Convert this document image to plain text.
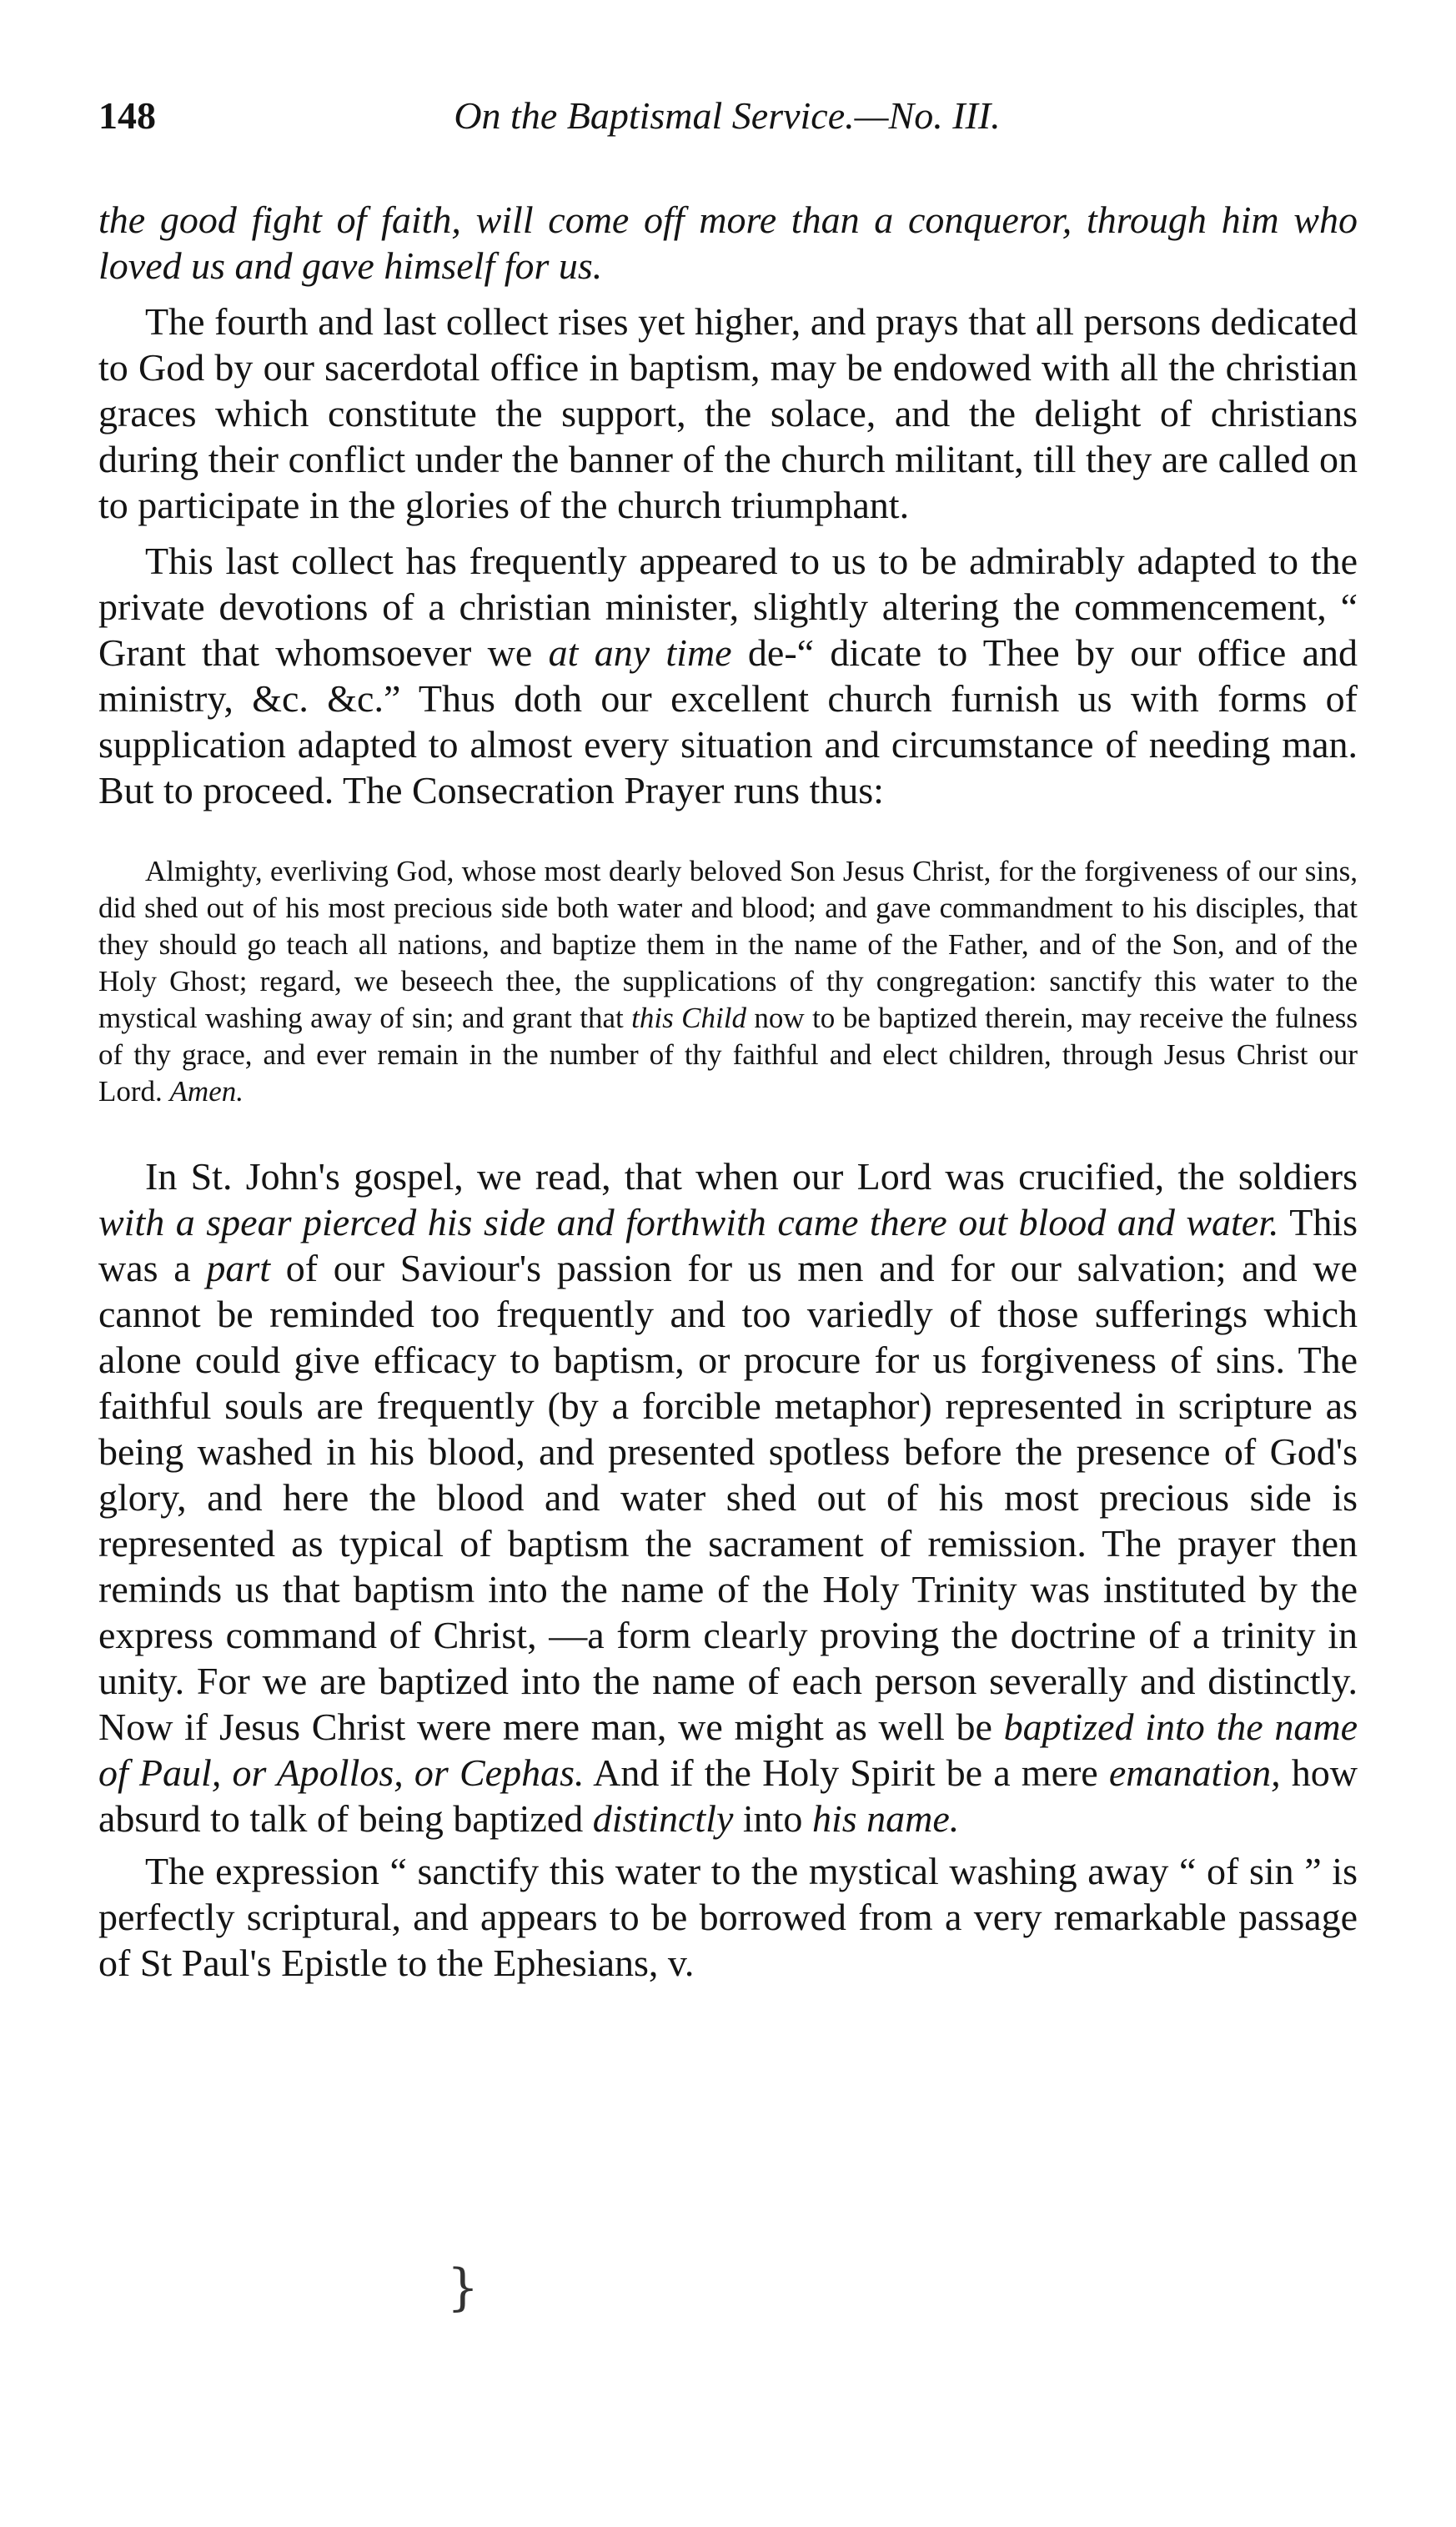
148	On the Baptismal Service.—No. III.

the good fight of faith, will come off more than a conqueror, through him who loved us and gave himself for us.

The fourth and last collect rises yet higher, and prays that all persons dedicated to God by our sacerdotal office in baptism, may be endowed with all the christian graces which constitute the support, the solace, and the delight of christians during their conflict under the banner of the church militant, till they are called on to participate in the glories of the church triumphant.

This last collect has frequently appeared to us to be admirably adapted to the private devotions of a christian minister, slightly altering the commencement, “ Grant that whomsoever we at any time de-“ dicate to Thee by our office and ministry, &c. &c.” Thus doth our excellent church furnish us with forms of supplication adapted to almost every situation and circumstance of needing man. But to proceed. The Consecration Prayer runs thus:

Almighty, everliving God, whose most dearly beloved Son Jesus Christ, for the forgiveness of our sins, did shed out of his most precious side both water and blood; and gave commandment to his disciples, that they should go teach all nations, and baptize them in the name of the Father, and of the Son, and of the Holy Ghost; regard, we beseech thee, the supplications of thy congregation: sanctify this water to the mystical washing away of sin; and grant that this Child now to be baptized therein, may receive the fulness of thy grace, and ever remain in the number of thy faithful and elect children, through Jesus Christ our Lord. Amen.

In St. John's gospel, we read, that when our Lord was crucified, the soldiers with a spear pierced his side and forthwith came there out blood and water. This was a part of our Saviour's passion for us men and for our salvation; and we cannot be reminded too frequently and too variedly of those sufferings which alone could give efficacy to baptism, or procure for us forgiveness of sins. The faithful souls are frequently (by a forcible metaphor) represented in scripture as being washed in his blood, and presented spotless before the presence of God's glory, and here the blood and water shed out of his most precious side is represented as typical of baptism the sacrament of remission. The prayer then reminds us that baptism into the name of the Holy Trinity was instituted by the express command of Christ, —a form clearly proving the doctrine of a trinity in unity. For we are baptized into the name of each person severally and distinctly. Now if Jesus Christ were mere man, we might as well be baptized into the name of Paul, or Apollos, or Cephas. And if the Holy Spirit be a mere emanation, how absurd to talk of being baptized distinctly into his name.

The expression “ sanctify this water to the mystical washing away “ of sin ” is perfectly scriptural, and appears to be borrowed from a very remarkable passage of St Paul's Epistle to the Ephesians, v.

}
